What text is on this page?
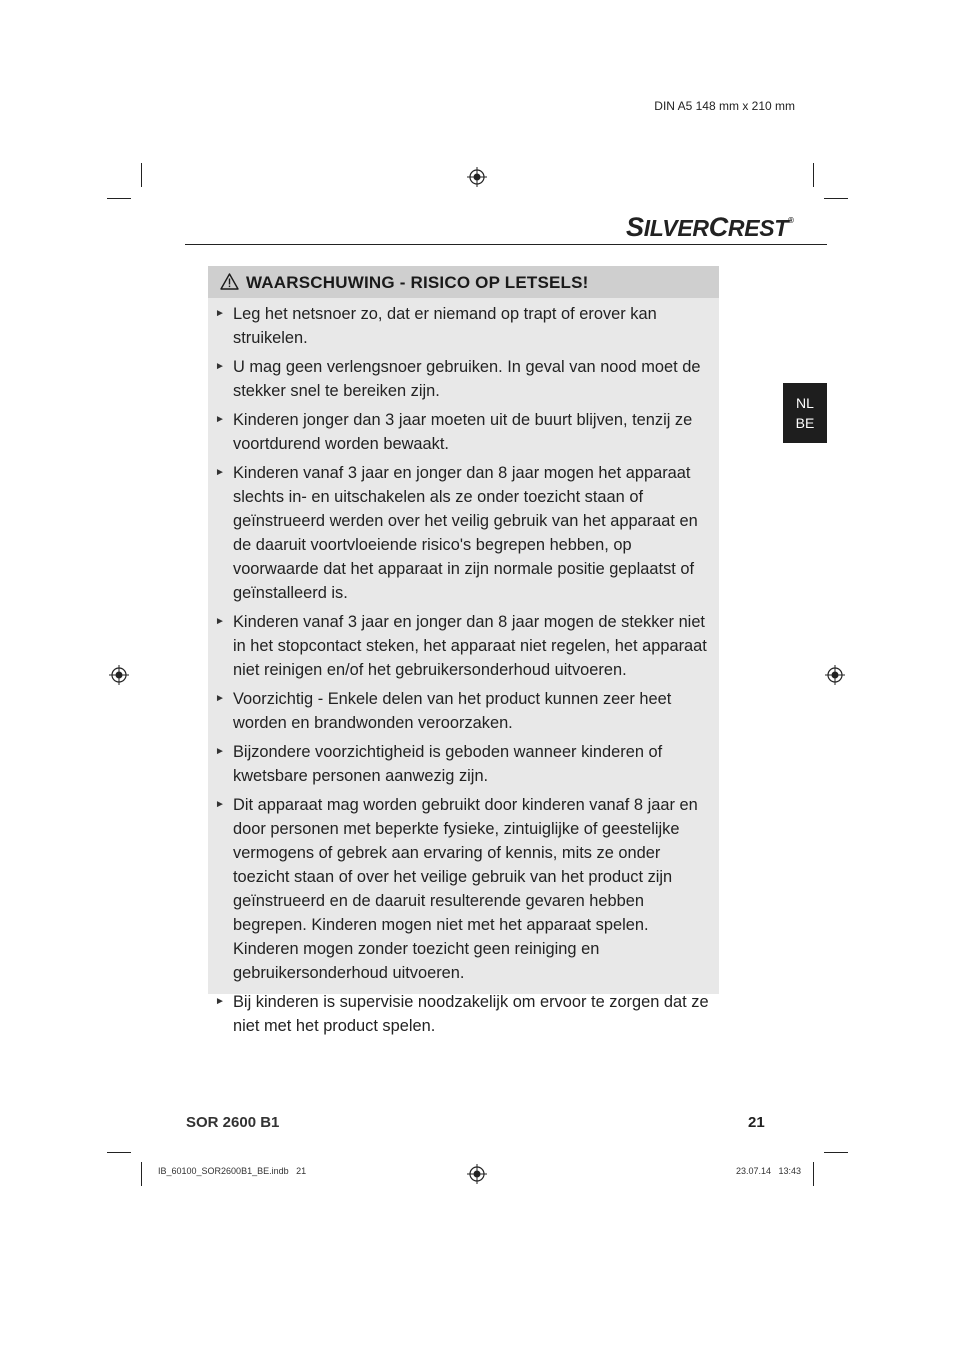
DIN A5 148 mm x 210 mm
SILVERCREST®
NL
BE
WAARSCHUWING - RISICO OP LETSELS!
► Leg het netsnoer zo, dat er niemand op trapt of erover kan struikelen.
► U mag geen verlengsnoer gebruiken. In geval van nood moet de stekker snel te bereiken zijn.
► Kinderen jonger dan 3 jaar moeten uit de buurt blijven, tenzij ze voortdurend worden bewaakt.
► Kinderen vanaf 3 jaar en jonger dan 8 jaar mogen het apparaat slechts in- en uitschakelen als ze onder toezicht staan of geïnstrueerd werden over het veilig gebruik van het apparaat en de daaruit voortvloeiende risico's begrepen hebben, op voorwaarde dat het apparaat in zijn normale positie geplaatst of geïnstalleerd is.
► Kinderen vanaf 3 jaar en jonger dan 8 jaar mogen de stekker niet in het stopcontact steken, het apparaat niet regelen, het apparaat niet reinigen en/of het gebruikersonderhoud uitvoeren.
► Voorzichtig - Enkele delen van het product kunnen zeer heet worden en brandwonden veroorzaken.
► Bijzondere voorzichtigheid is geboden wanneer kinderen of kwetsbare personen aanwezig zijn.
► Dit apparaat mag worden gebruikt door kinderen vanaf 8 jaar en door personen met beperkte fysieke, zintuiglijke of geestelijke vermogens of gebrek aan ervaring of kennis, mits ze onder toezicht staan of over het veilige gebruik van het product zijn geïnstrueerd en de daaruit resulterende gevaren hebben begrepen. Kinderen mogen niet met het apparaat spelen. Kinderen mogen zonder toezicht geen reiniging en gebruikersonderhoud uitvoeren.
► Bij kinderen is supervisie noodzakelijk om ervoor te zorgen dat ze niet met het product spelen.
SOR 2600 B1	21
IB_60100_SOR2600B1_BE.indb   21	23.07.14   13:43
